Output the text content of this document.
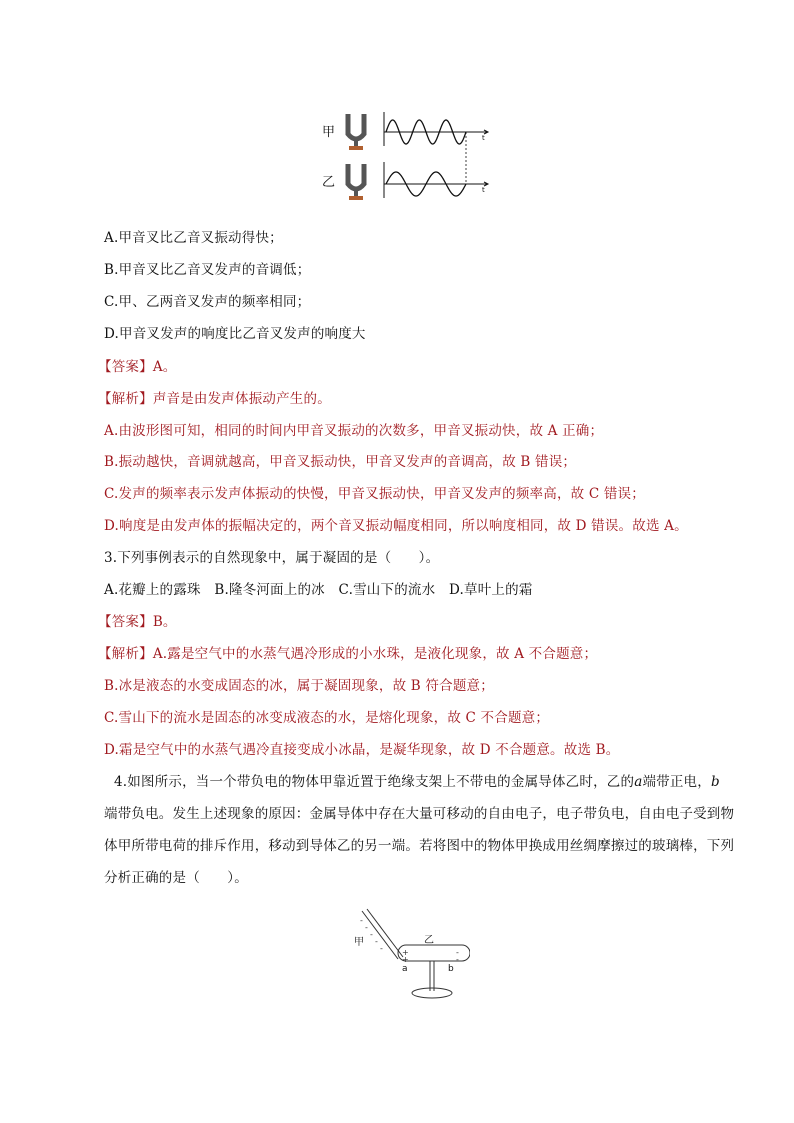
甲
乙
t
t
A.甲音叉比乙音叉振动得快；
B.甲音叉比乙音叉发声的音调低；
C.甲、乙两音叉发声的频率相同；
D.甲音叉发声的响度比乙音叉发声的响度大
【答案】A。
【解析】声音是由发声体振动产生的。
A.由波形图可知，相同的时间内甲音叉振动的次数多，甲音叉振动快，故 A 正确；
B.振动越快，音调就越高，甲音叉振动快，甲音叉发声的音调高，故 B 错误；
C.发声的频率表示发声体振动的快慢，甲音叉振动快，甲音叉发声的频率高，故 C 错误；
D.响度是由发声体的振幅决定的，两个音叉振动幅度相同，所以响度相同，故 D 错误。故选 A。
3.下列事例表示的自然现象中，属于凝固的是（　　）。
A.花瓣上的露珠　B.隆冬河面上的冰　C.雪山下的流水　D.草叶上的霜
【答案】B。
【解析】A.露是空气中的水蒸气遇冷形成的小水珠，是液化现象，故 A 不合题意；
B.冰是液态的水变成固态的冰，属于凝固现象，故 B 符合题意；
C.雪山下的流水是固态的冰变成液态的水，是熔化现象，故 C 不合题意；
D.霜是空气中的水蒸气遇冷直接变成小冰晶，是凝华现象，故 D 不合题意。故选 B。
4.如图所示，当一个带负电的物体甲靠近置于绝缘支架上不带电的金属导体乙时，乙的a端带正电，b
端带负电。发生上述现象的原因：金属导体中存在大量可移动的自由电子，电子带负电，自由电子受到物
体甲所带电荷的排斥作用，移动到导体乙的另一端。若将图中的物体甲换成用丝绸摩擦过的玻璃棒，下列
分析正确的是（　　）。
-
-
-
-
-
甲	乙
+
+
-
-
a	b
